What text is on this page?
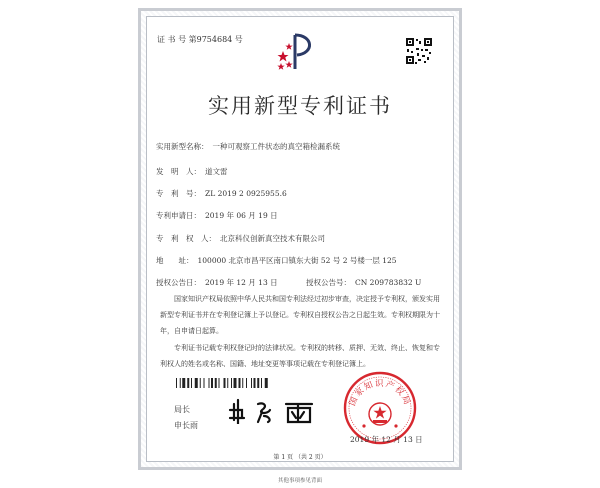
证 书 号 第9754684 号
实用新型专利证书
实用新型名称： 一种可观察工件状态的真空箱检漏系统
发　明　人： 道文雷
专　利　号： ZL 2019 2 0925955.6
专利申请日： 2019 年 06 月 19 日
专　利　权　人： 北京科仪创新真空技术有限公司
地　　址： 100000 北京市昌平区南口镇东大街 52 号 2 号楼一层 125
授权公告日： 2019 年 12 月 13 日	授权公告号： CN 209783832 U

国家知识产权局依照中华人民共和国专利法经过初步审查，决定授予专利权，颁发实用新型专利证书并在专利登记簿上予以登记。专利权自授权公告之日起生效。专利权期限为十年，自申请日起算。

专利证书记载专利权登记时的法律状况。专利权的转移、质押、无效、终止、恢复和专利权人的姓名或名称、国籍、地址变更等事项记载在专利登记簿上。

局长
申长雨
国家知识产权局
2019 年 12 月 13 日
第 1 页 （共 2 页）
其他事项参见背面
